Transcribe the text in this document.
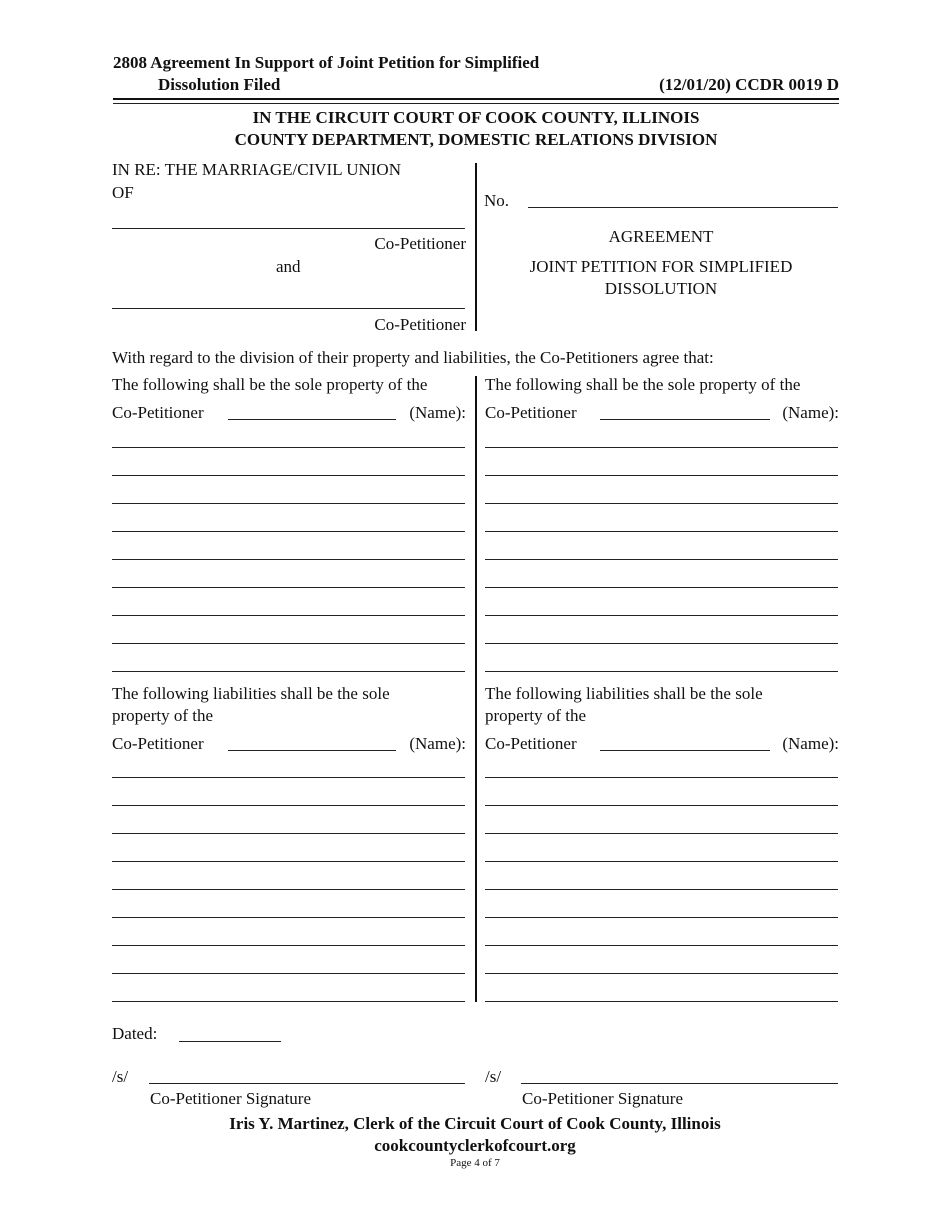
2808 Agreement In Support of Joint Petition for Simplified
Dissolution Filed	(12/01/20) CCDR 0019 D
IN THE CIRCUIT COURT OF COOK COUNTY, ILLINOIS
COUNTY DEPARTMENT, DOMESTIC RELATIONS DIVISION
IN RE: THE MARRIAGE/CIVIL UNION
OF
Co-Petitioner
and
Co-Petitioner
No.
AGREEMENT
JOINT PETITION FOR SIMPLIFIED
DISSOLUTION
With regard to the division of their property and liabilities, the Co-Petitioners agree that:
The following shall be the sole property of the
Co-Petitioner	(Name):
The following shall be the sole property of the
Co-Petitioner	(Name):
The following liabilities shall be the sole
property of the
Co-Petitioner	(Name):
The following liabilities shall be the sole
property of the
Co-Petitioner	(Name):
Dated:
/s/
Co-Petitioner Signature
/s/
Co-Petitioner Signature
Iris Y. Martinez, Clerk of the Circuit Court of Cook County, Illinois
cookcountyclerkofcourt.org
Page 4 of 7
